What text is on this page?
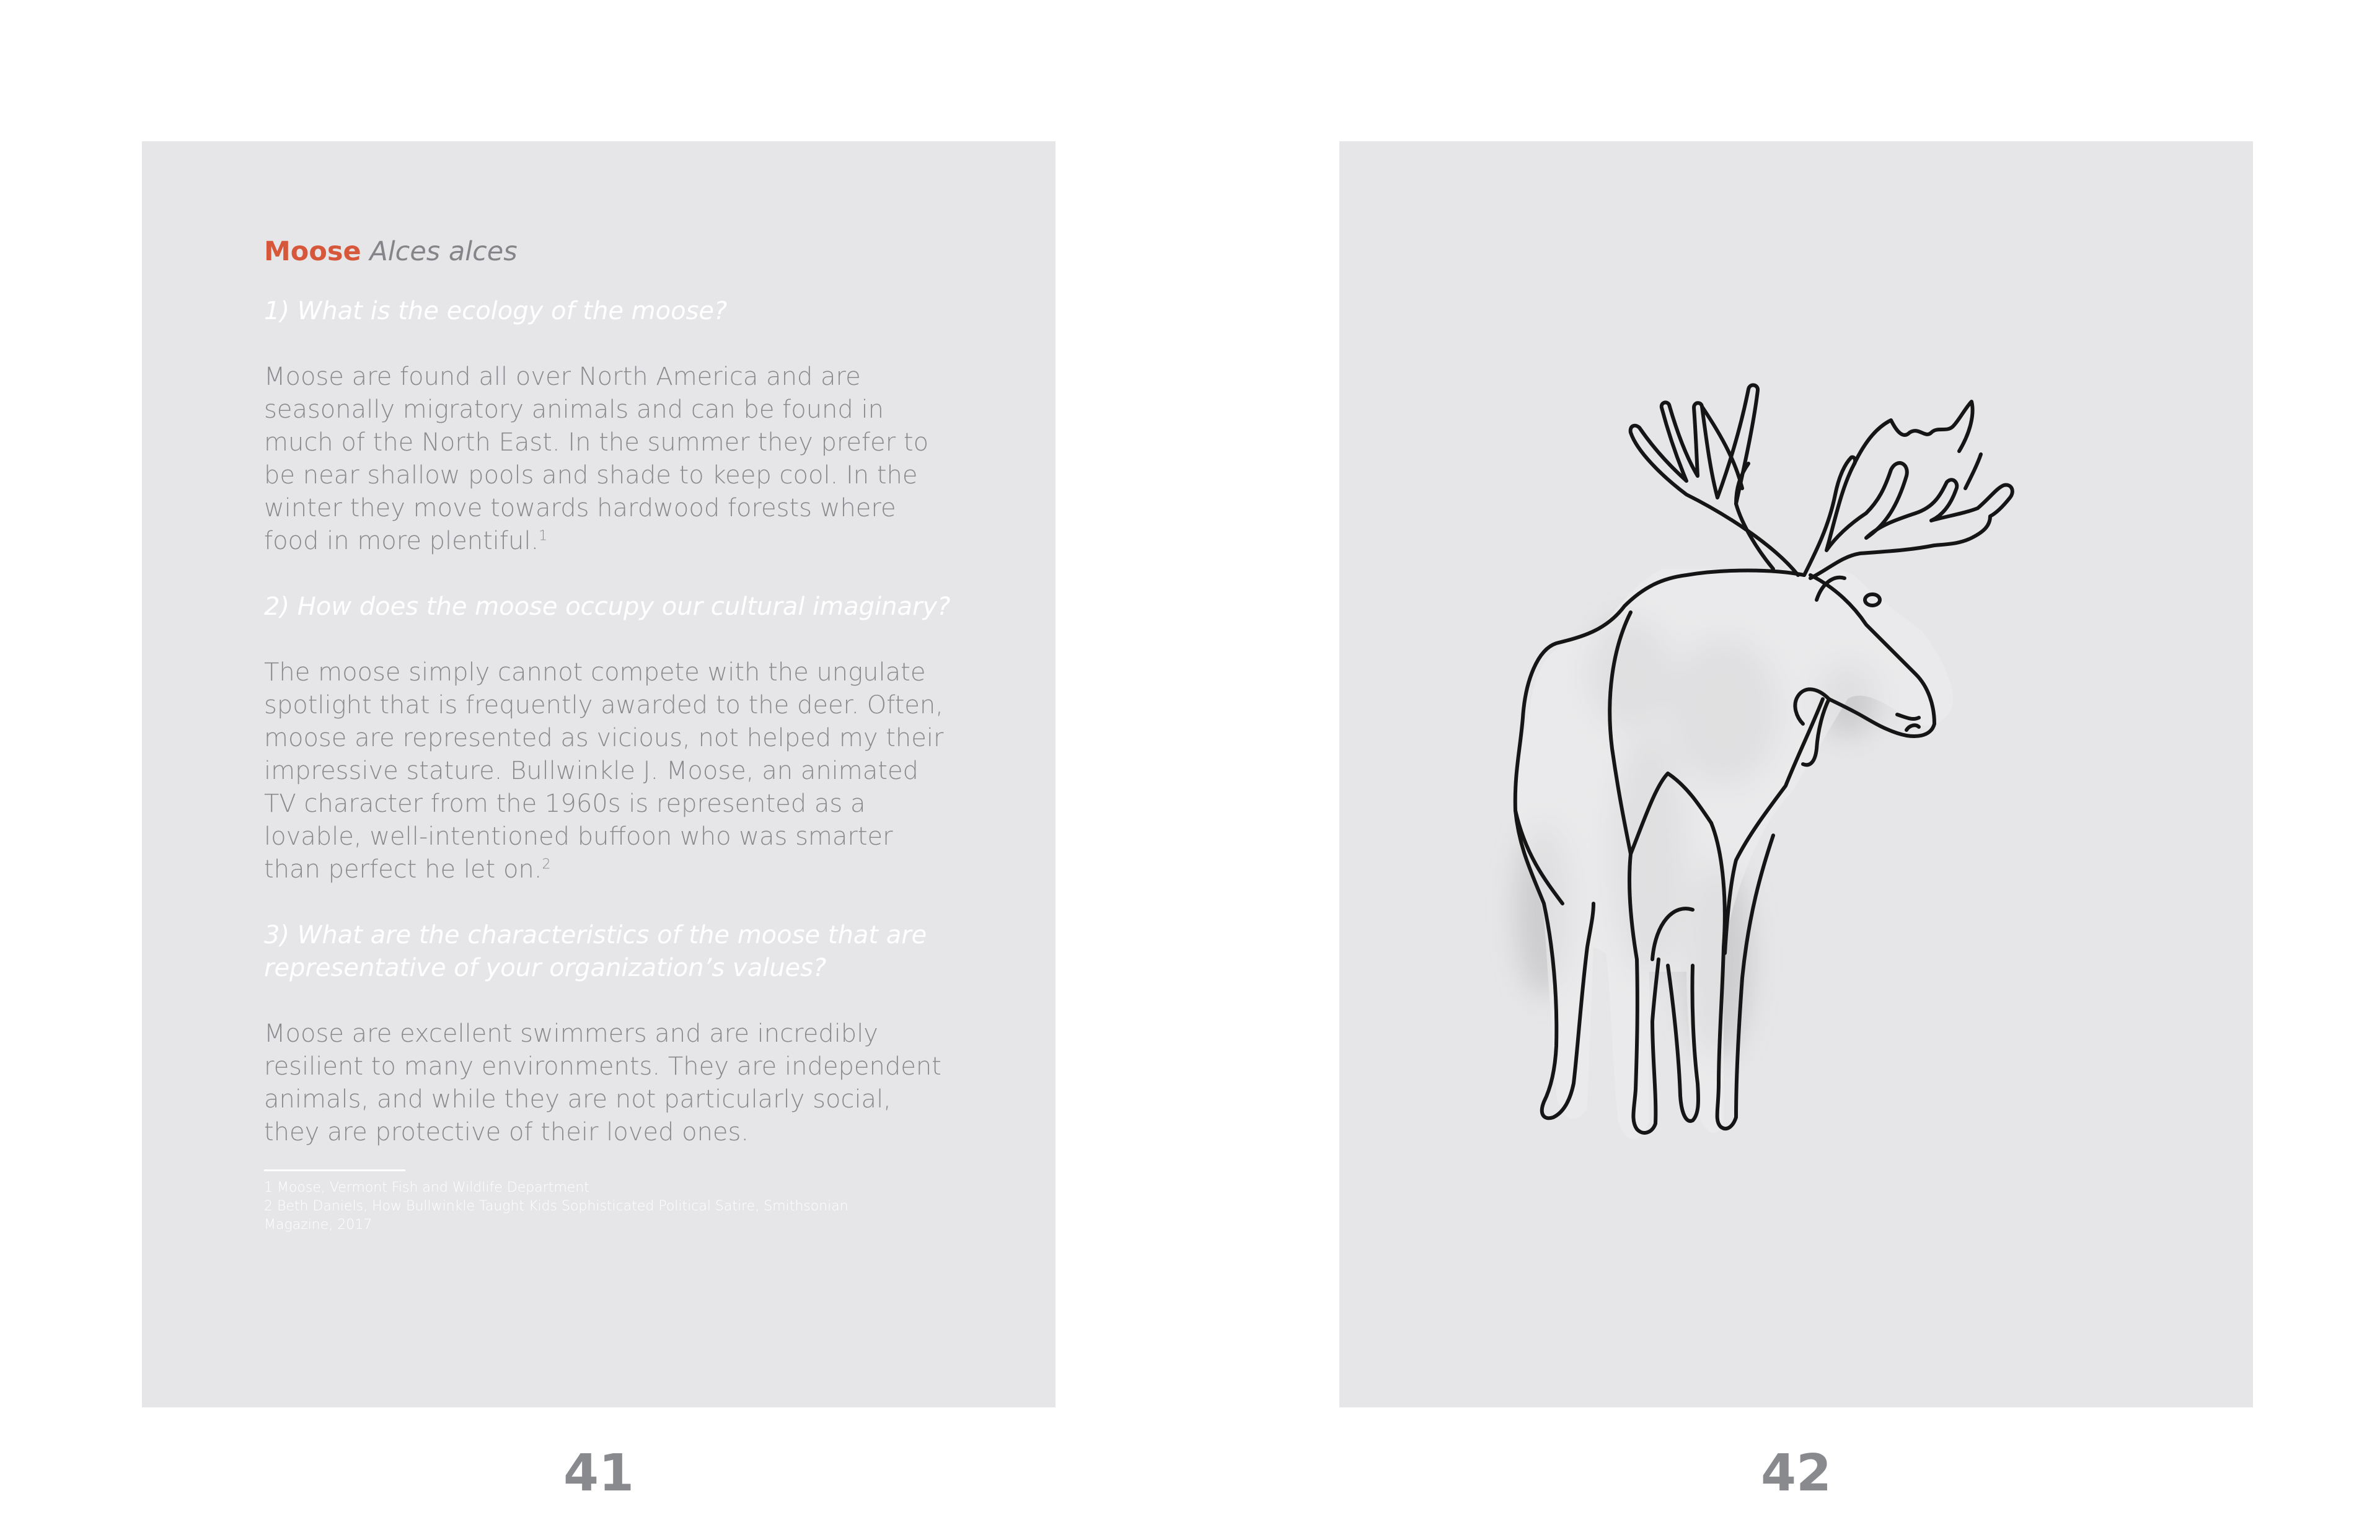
Moose Alces alces
1) What is the ecology of the moose?
Moose are found all over North America and are seasonally migratory animals and can be found in much of the North East. In the summer they prefer to be near shallow pools and shade to keep cool. In the winter they move towards hardwood forests where food in more plentiful.$^1$
2) How does the moose occupy our cultural imaginary?
The moose simply cannot compete with the ungulate spotlight that is frequently awarded to the deer. Often, moose are represented as vicious, not helped my their impressive stature. Bullwinkle J. Moose, an animated TV character from the 1960s is represented as a lovable, well-intentioned buffoon who was smarter than perfect he let on.$^2$
3) What are the characteristics of the moose that are representative of your organization’s values?
Moose are excellent swimmers and are incredibly resilient to many environments. They are independent animals, and while they are not particularly social, they are protective of their loved ones.
1 Moose, Vermont Fish and Wildlife Department
2 Beth Daniels, How Bullwinkle Taught Kids Sophisticated Political Satire, Smithsonian Magazine, 2017
41	42
